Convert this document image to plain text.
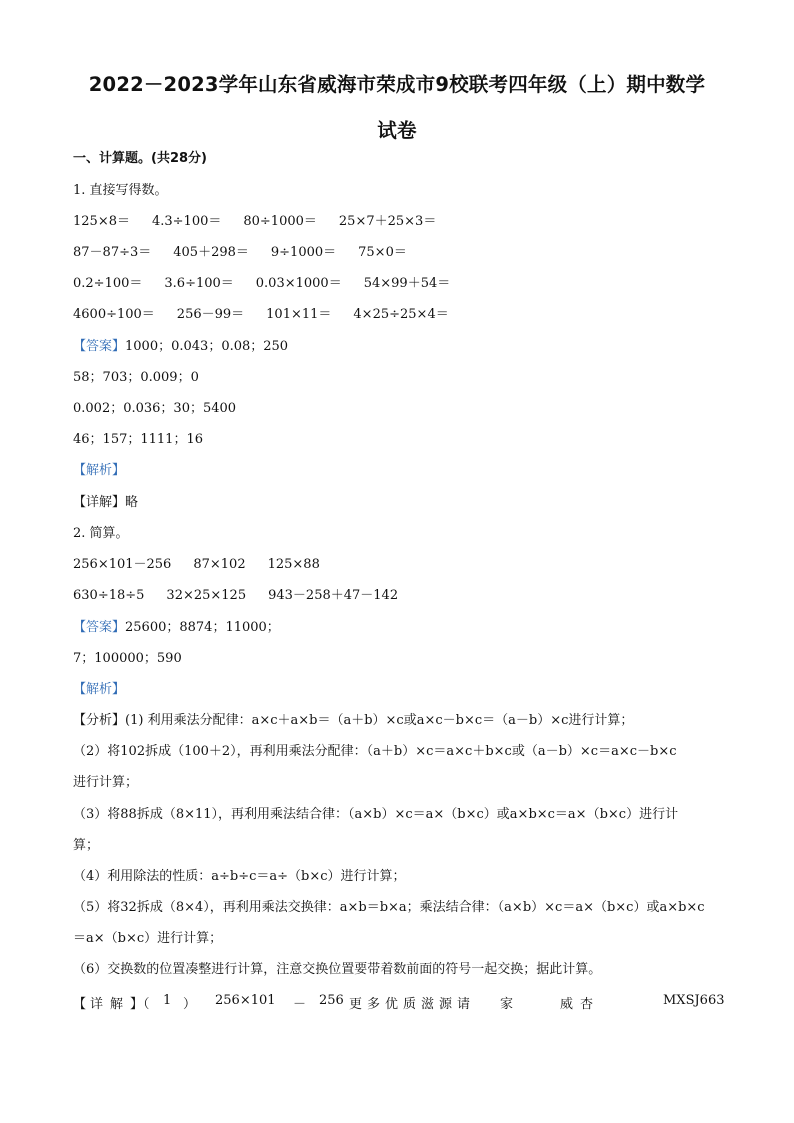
2022－2023学年山东省威海市荣成市9校联考四年级（上）期中数学
试卷
一、计算题。(共28分)
1. 直接写得数。
125×8＝ 4.3÷100＝ 80÷1000＝ 25×7＋25×3＝
87－87÷3＝ 405＋298＝ 9÷1000＝ 75×0＝
0.2÷100＝ 3.6÷100＝ 0.03×1000＝ 54×99＋54＝
4600÷100＝ 256－99＝ 101×11＝ 4×25÷25×4＝
【答案】1000；0.043；0.08；250
58；703；0.009；0
0.002；0.036；30；5400
46；157；1111；16
【解析】
【详解】略
2. 简算。
256×101－256 87×102 125×88
630÷18÷5 32×25×125 943－258＋47－142
【答案】25600；8874；11000；
7；100000；590
【解析】
【分析】(1) 利用乘法分配律：a×c＋a×b＝（a＋b）×c或a×c－b×c＝（a－b）×c进行计算；
（2）将102拆成（100＋2），再利用乘法分配律：（a＋b）×c＝a×c＋b×c或（a－b）×c＝a×c－b×c
进行计算；
（3）将88拆成（8×11），再利用乘法结合律：（a×b）×c＝a×（b×c）或a×b×c＝a×（b×c）进行计
算；
（4）利用除法的性质：a÷b÷c＝a÷（b×c）进行计算；
（5）将32拆成（8×4），再利用乘法交换律：a×b＝b×a；乘法结合律：（a×b）×c＝a×（b×c）或a×b×c
＝a×（b×c）进行计算；
（6）交换数的位置凑整进行计算，注意交换位置要带着数前面的符号一起交换；据此计算。
【 详 解 】（ 1 ） 256×101 － 256 更 多 优 质 滋 源 请 家	威 杏	MXSJ663
